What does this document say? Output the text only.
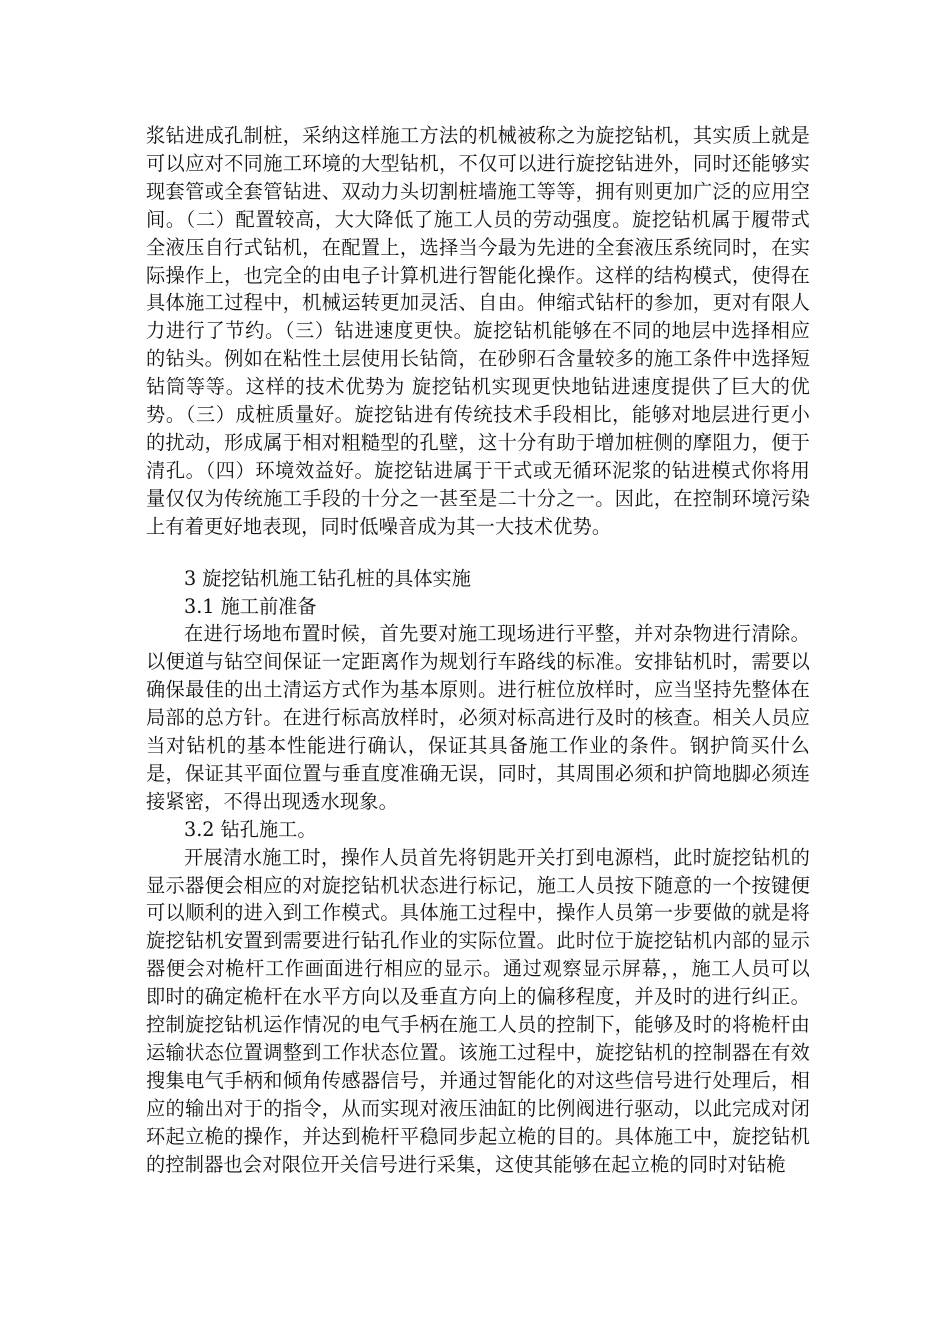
浆钻进成孔制桩，采纳这样施工方法的机械被称之为旋挖钻机，其实质上就是可以应对不同施工环境的大型钻机，不仅可以进行旋挖钻进外，同时还能够实现套管或全套管钻进、双动力头切割桩墙施工等等，拥有则更加广泛的应用空间。（二）配置较高，大大降低了施工人员的劳动强度。旋挖钻机属于履带式全液压自行式钻机，在配置上，选择当今最为先进的全套液压系统同时，在实际操作上，也完全的由电子计算机进行智能化操作。这样的结构模式，使得在具体施工过程中，机械运转更加灵活、自由。伸缩式钻杆的参加，更对有限人力进行了节约。（三）钻进速度更快。旋挖钻机能够在不同的地层中选择相应的钻头。例如在粘性土层使用长钻筒，在砂卵石含量较多的施工条件中选择短钻筒等等。这样的技术优势为 旋挖钻机实现更快地钻进速度提供了巨大的优势。（三）成桩质量好。旋挖钻进有传统技术手段相比，能够对地层进行更小的扰动，形成属于相对粗糙型的孔壁，这十分有助于增加桩侧的摩阻力，便于清孔。（四）环境效益好。旋挖钻进属于干式或无循环泥浆的钻进模式你将用量仅仅为传统施工手段的十分之一甚至是二十分之一。因此，在控制环境污染上有着更好地表现，同时低噪音成为其一大技术优势。

3 旋挖钻机施工钻孔桩的具体实施

3.1 施工前准备

在进行场地布置时候，首先要对施工现场进行平整，并对杂物进行清除。以便道与钻空间保证一定距离作为规划行车路线的标准。安排钻机时，需要以确保最佳的出土清运方式作为基本原则。进行桩位放样时，应当坚持先整体在局部的总方针。在进行标高放样时，必须对标高进行及时的核查。相关人员应当对钻机的基本性能进行确认，保证其具备施工作业的条件。钢护筒买什么是，保证其平面位置与垂直度准确无误，同时，其周围必须和护筒地脚必须连接紧密，不得出现透水现象。

3.2 钻孔施工。

开展清水施工时，操作人员首先将钥匙开关打到电源档，此时旋挖钻机的显示器便会相应的对旋挖钻机状态进行标记，施工人员按下随意的一个按键便可以顺利的进入到工作模式。具体施工过程中，操作人员第一步要做的就是将旋挖钻机安置到需要进行钻孔作业的实际位置。此时位于旋挖钻机内部的显示器便会对桅杆工作画面进行相应的显示。通过观察显示屏幕，，施工人员可以即时的确定桅杆在水平方向以及垂直方向上的偏移程度，并及时的进行纠正。控制旋挖钻机运作情况的电气手柄在施工人员的控制下，能够及时的将桅杆由运输状态位置调整到工作状态位置。该施工过程中，旋挖钻机的控制器在有效搜集电气手柄和倾角传感器信号，并通过智能化的对这些信号进行处理后，相应的输出对于的指令，从而实现对液压油缸的比例阀进行驱动，以此完成对闭环起立桅的操作，并达到桅杆平稳同步起立桅的目的。具体施工中，旋挖钻机的控制器也会对限位开关信号进行采集，这使其能够在起立桅的同时对钻桅
